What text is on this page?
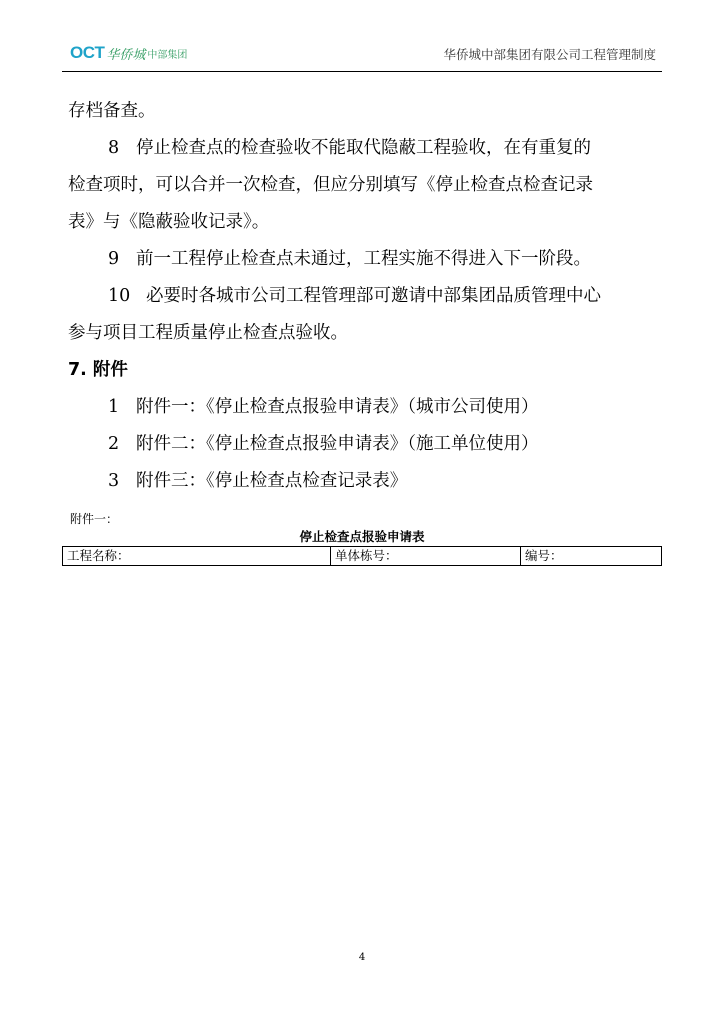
OCT 华侨城 中部集团	华侨城中部集团有限公司工程管理制度

存档备查。

8 停止检查点的检查验收不能取代隐蔽工程验收，在有重复的

检查项时，可以合并一次检查，但应分别填写《停止检查点检查记录

表》与《隐蔽验收记录》。

9 前一工程停止检查点未通过，工程实施不得进入下一阶段。

10 必要时各城市公司工程管理部可邀请中部集团品质管理中心

参与项目工程质量停止检查点验收。

7. 附件

1 附件一：《停止检查点报验申请表》（城市公司使用）

2 附件二：《停止检查点报验申请表》（施工单位使用）

3 附件三：《停止检查点检查记录表》

附件一：
停止检查点报验申请表
工程名称：	单体栋号：	编号：
4
